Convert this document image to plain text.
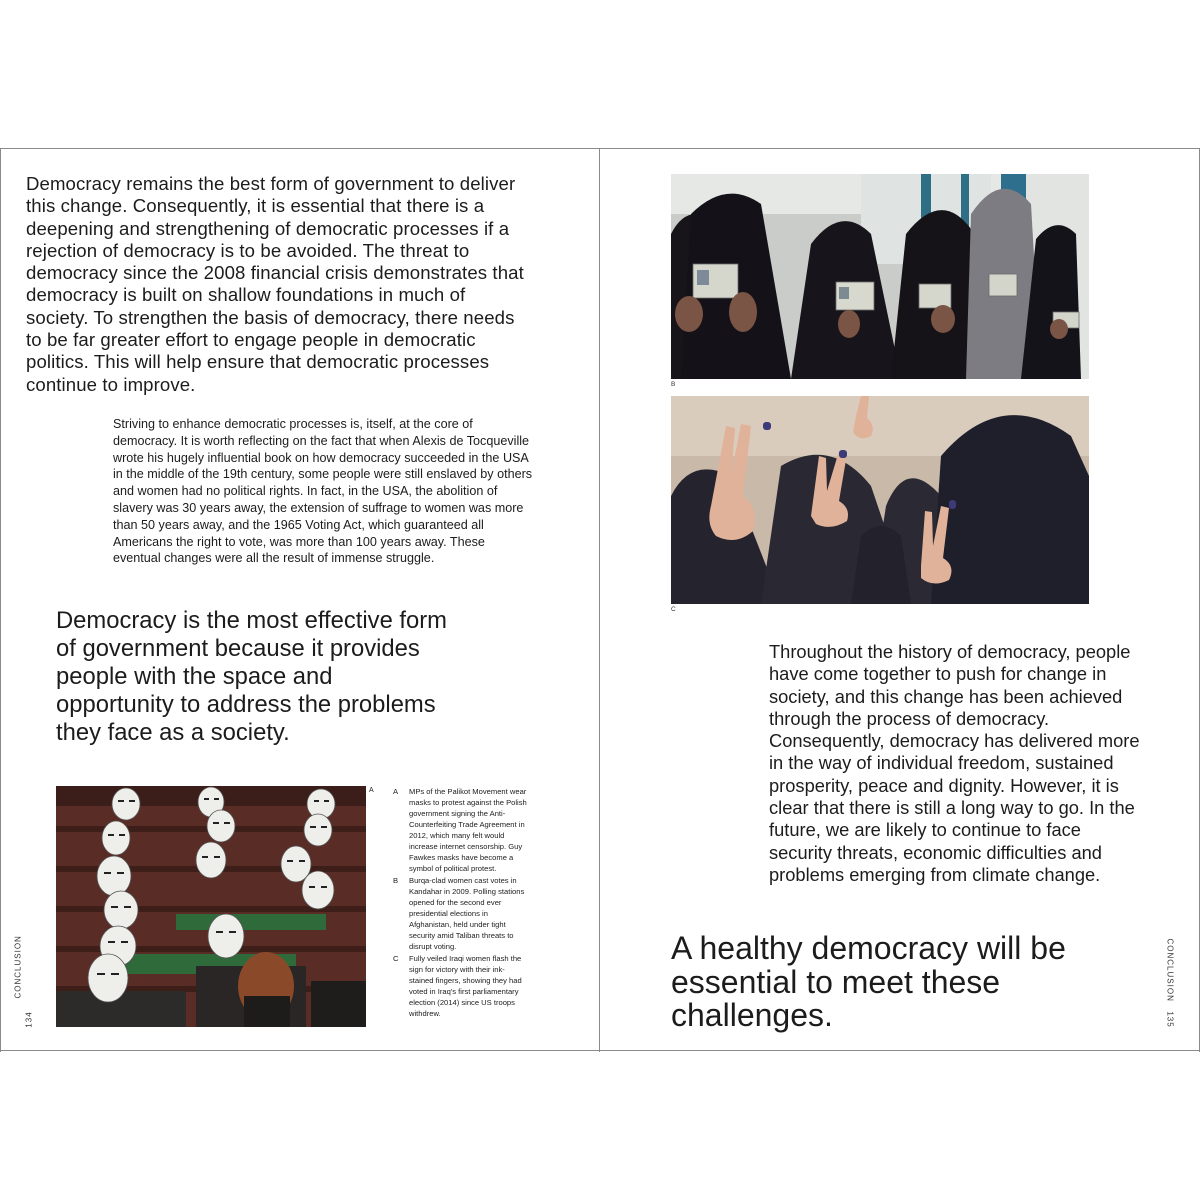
Democracy remains the best form of government to deliver this change. Consequently, it is essential that there is a deepening and strengthening of democratic processes if a rejection of democracy is to be avoided. The threat to democracy since the 2008 financial crisis demonstrates that democracy is built on shallow foundations in much of society. To strengthen the basis of democracy, there needs to be far greater effort to engage people in democratic politics. This will help ensure that democratic processes continue to improve.

Striving to enhance democratic processes is, itself, at the core of democracy. It is worth reflecting on the fact that when Alexis de Tocqueville wrote his hugely influential book on how democracy succeeded in the USA in the middle of the 19th century, some people were still enslaved by others and women had no political rights. In fact, in the USA, the abolition of slavery was 30 years away, the extension of suffrage to women was more than 50 years away, and the 1965 Voting Act, which guaranteed all Americans the right to vote, was more than 100 years away. These eventual changes were all the result of immense struggle.

Democracy is the most effective form of government because it provides people with the space and opportunity to address the problems they face as a society.

A	A MPs of the Palikot Movement wear masks to protest against the Polish government signing the Anti-Counterfeiting Trade Agreement in 2012, which many felt would increase internet censorship. Guy Fawkes masks have become a symbol of political protest.
B Burqa-clad women cast votes in Kandahar in 2009. Polling stations opened for the second ever presidential elections in Afghanistan, held under tight security amid Taliban threats to disrupt voting.
C Fully veiled Iraqi women flash the sign for victory with their ink-stained fingers, showing they had voted in Iraq's first parliamentary election (2014) since US troops withdrew.
CONCLUSION
134
B
C

Throughout the history of democracy, people have come together to push for change in society, and this change has been achieved through the process of democracy. Consequently, democracy has delivered more in the way of individual freedom, sustained prosperity, peace and dignity. However, it is clear that there is still a long way to go. In the future, we are likely to continue to face security threats, economic difficulties and problems emerging from climate change.

A healthy democracy will be essential to meet these challenges.

CONCLUSION
135
